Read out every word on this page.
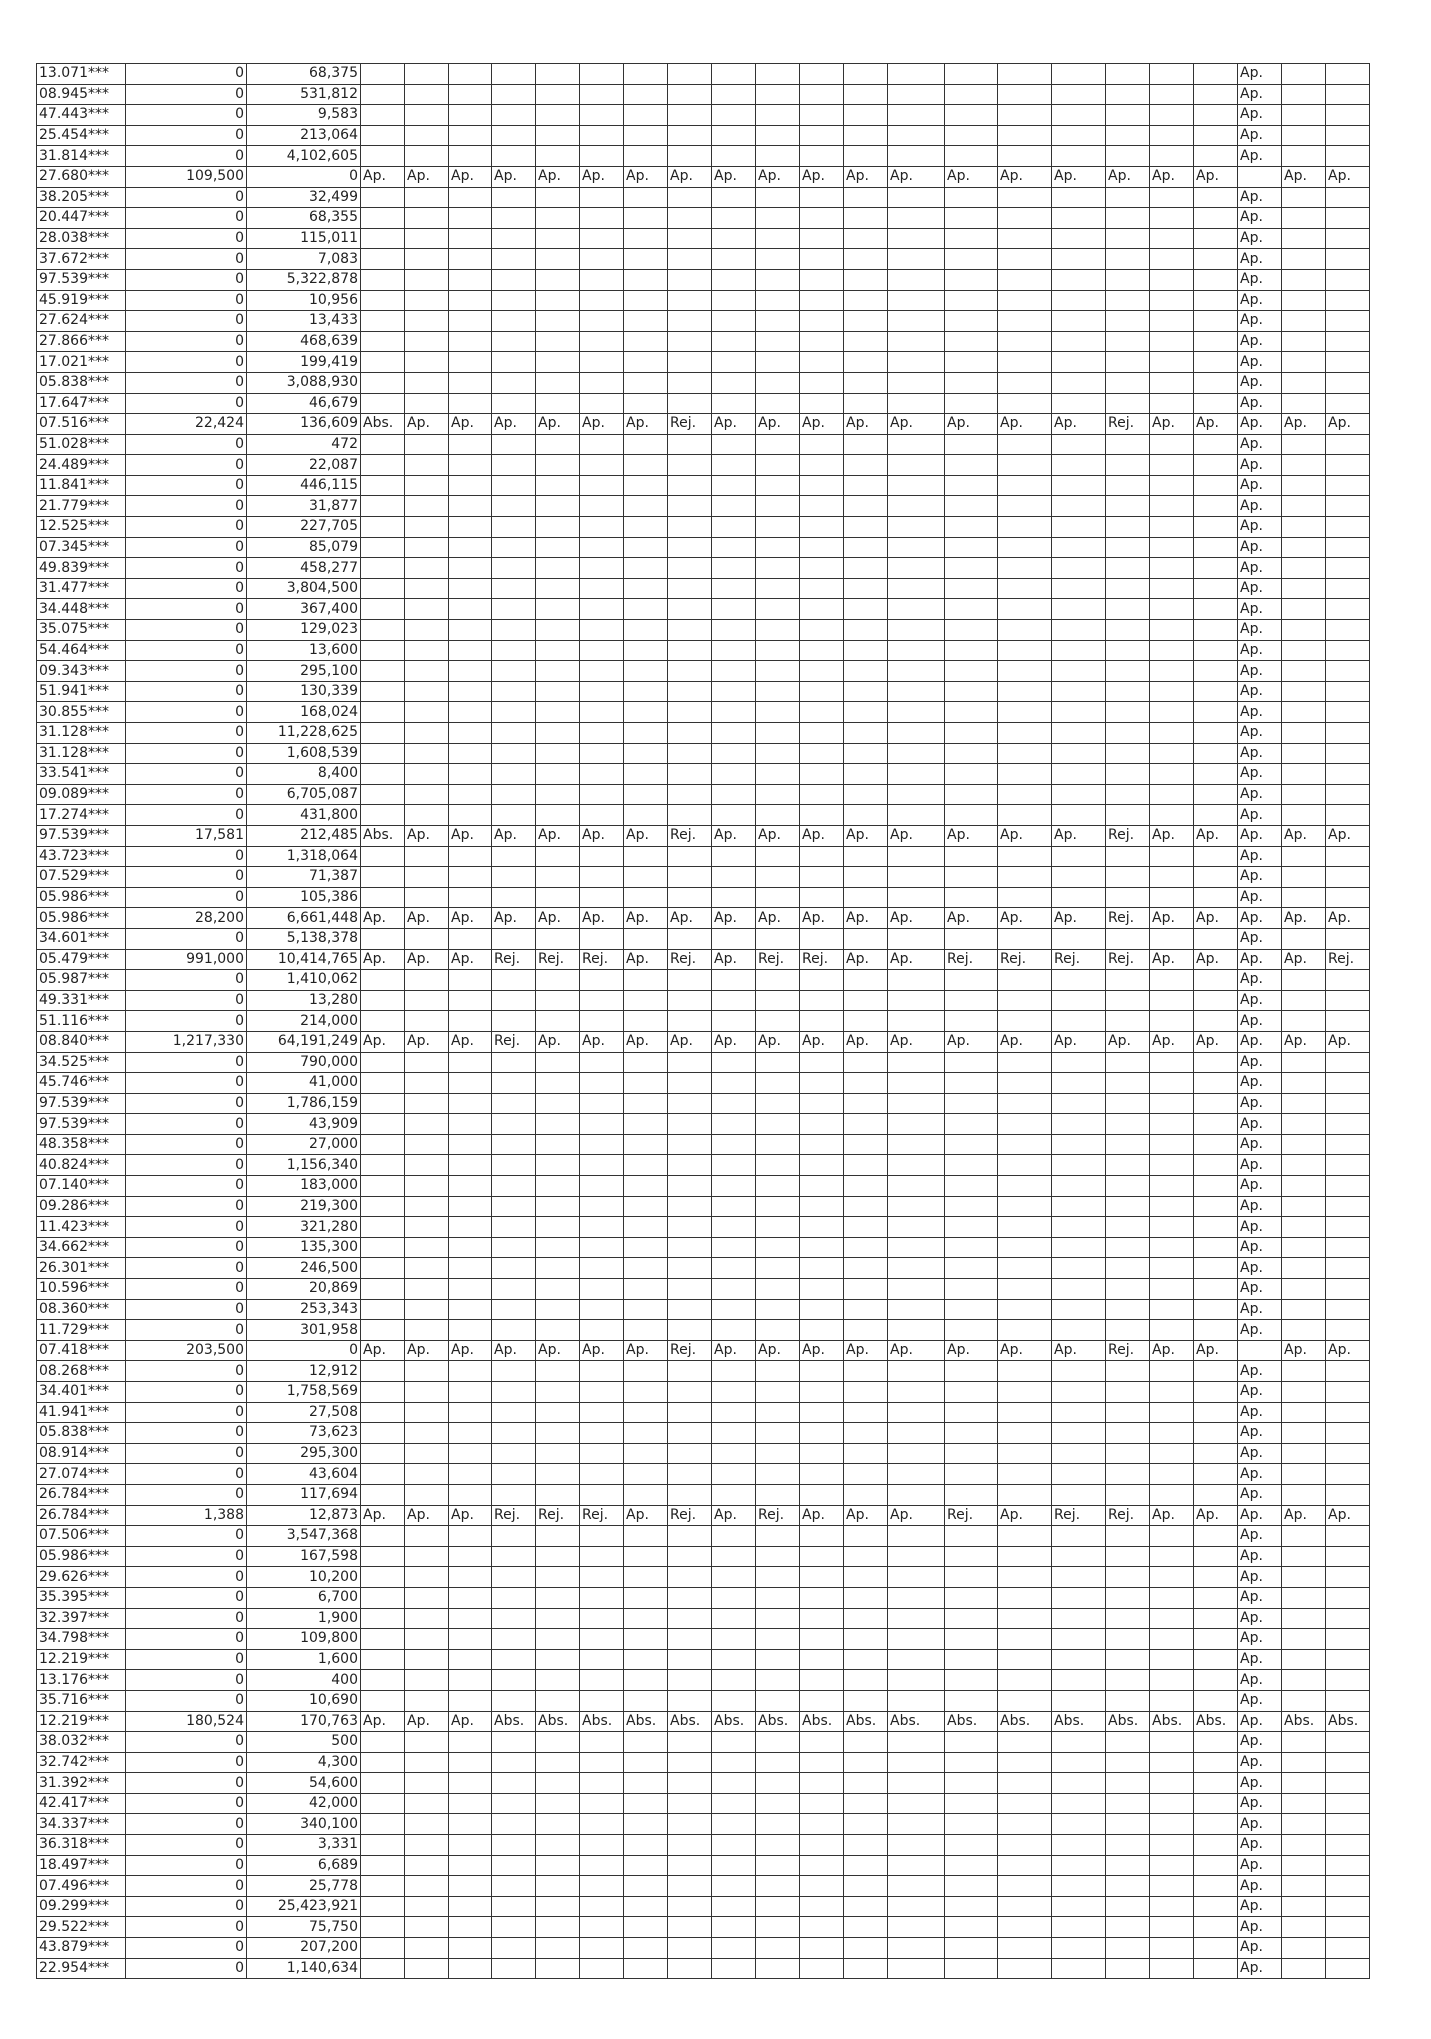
13.071***	0	68,375																				Ap.		
08.945***	0	531,812																				Ap.		
47.443***	0	9,583																				Ap.		
25.454***	0	213,064																				Ap.		
31.814***	0	4,102,605																				Ap.		
27.680***	109,500	0	Ap.	Ap.	Ap.	Ap.	Ap.	Ap.	Ap.	Ap.	Ap.	Ap.	Ap.	Ap.	Ap.	Ap.	Ap.	Ap.	Ap.	Ap.	Ap.		Ap.	Ap.
38.205***	0	32,499																				Ap.		
20.447***	0	68,355																				Ap.		
28.038***	0	115,011																				Ap.		
37.672***	0	7,083																				Ap.		
97.539***	0	5,322,878																				Ap.		
45.919***	0	10,956																				Ap.		
27.624***	0	13,433																				Ap.		
27.866***	0	468,639																				Ap.		
17.021***	0	199,419																				Ap.		
05.838***	0	3,088,930																				Ap.		
17.647***	0	46,679																				Ap.		
07.516***	22,424	136,609	Abs.	Ap.	Ap.	Ap.	Ap.	Ap.	Ap.	Rej.	Ap.	Ap.	Ap.	Ap.	Ap.	Ap.	Ap.	Ap.	Rej.	Ap.	Ap.	Ap.	Ap.	Ap.
51.028***	0	472																				Ap.		
24.489***	0	22,087																				Ap.		
11.841***	0	446,115																				Ap.		
21.779***	0	31,877																				Ap.		
12.525***	0	227,705																				Ap.		
07.345***	0	85,079																				Ap.		
49.839***	0	458,277																				Ap.		
31.477***	0	3,804,500																				Ap.		
34.448***	0	367,400																				Ap.		
35.075***	0	129,023																				Ap.		
54.464***	0	13,600																				Ap.		
09.343***	0	295,100																				Ap.		
51.941***	0	130,339																				Ap.		
30.855***	0	168,024																				Ap.		
31.128***	0	11,228,625																				Ap.		
31.128***	0	1,608,539																				Ap.		
33.541***	0	8,400																				Ap.		
09.089***	0	6,705,087																				Ap.		
17.274***	0	431,800																				Ap.		
97.539***	17,581	212,485	Abs.	Ap.	Ap.	Ap.	Ap.	Ap.	Ap.	Rej.	Ap.	Ap.	Ap.	Ap.	Ap.	Ap.	Ap.	Ap.	Rej.	Ap.	Ap.	Ap.	Ap.	Ap.
43.723***	0	1,318,064																				Ap.		
07.529***	0	71,387																				Ap.		
05.986***	0	105,386																				Ap.		
05.986***	28,200	6,661,448	Ap.	Ap.	Ap.	Ap.	Ap.	Ap.	Ap.	Ap.	Ap.	Ap.	Ap.	Ap.	Ap.	Ap.	Ap.	Ap.	Rej.	Ap.	Ap.	Ap.	Ap.	Ap.
34.601***	0	5,138,378																				Ap.		
05.479***	991,000	10,414,765	Ap.	Ap.	Ap.	Rej.	Rej.	Rej.	Ap.	Rej.	Ap.	Rej.	Rej.	Ap.	Ap.	Rej.	Rej.	Rej.	Rej.	Ap.	Ap.	Ap.	Ap.	Rej.
05.987***	0	1,410,062																				Ap.		
49.331***	0	13,280																				Ap.		
51.116***	0	214,000																				Ap.		
08.840***	1,217,330	64,191,249	Ap.	Ap.	Ap.	Rej.	Ap.	Ap.	Ap.	Ap.	Ap.	Ap.	Ap.	Ap.	Ap.	Ap.	Ap.	Ap.	Ap.	Ap.	Ap.	Ap.	Ap.	Ap.
34.525***	0	790,000																				Ap.		
45.746***	0	41,000																				Ap.		
97.539***	0	1,786,159																				Ap.		
97.539***	0	43,909																				Ap.		
48.358***	0	27,000																				Ap.		
40.824***	0	1,156,340																				Ap.		
07.140***	0	183,000																				Ap.		
09.286***	0	219,300																				Ap.		
11.423***	0	321,280																				Ap.		
34.662***	0	135,300																				Ap.		
26.301***	0	246,500																				Ap.		
10.596***	0	20,869																				Ap.		
08.360***	0	253,343																				Ap.		
11.729***	0	301,958																				Ap.		
07.418***	203,500	0	Ap.	Ap.	Ap.	Ap.	Ap.	Ap.	Ap.	Rej.	Ap.	Ap.	Ap.	Ap.	Ap.	Ap.	Ap.	Ap.	Rej.	Ap.	Ap.		Ap.	Ap.
08.268***	0	12,912																				Ap.		
34.401***	0	1,758,569																				Ap.		
41.941***	0	27,508																				Ap.		
05.838***	0	73,623																				Ap.		
08.914***	0	295,300																				Ap.		
27.074***	0	43,604																				Ap.		
26.784***	0	117,694																				Ap.		
26.784***	1,388	12,873	Ap.	Ap.	Ap.	Rej.	Rej.	Rej.	Ap.	Rej.	Ap.	Rej.	Ap.	Ap.	Ap.	Rej.	Ap.	Rej.	Rej.	Ap.	Ap.	Ap.	Ap.	Ap.
07.506***	0	3,547,368																				Ap.		
05.986***	0	167,598																				Ap.		
29.626***	0	10,200																				Ap.		
35.395***	0	6,700																				Ap.		
32.397***	0	1,900																				Ap.		
34.798***	0	109,800																				Ap.		
12.219***	0	1,600																				Ap.		
13.176***	0	400																				Ap.		
35.716***	0	10,690																				Ap.		
12.219***	180,524	170,763	Ap.	Ap.	Ap.	Abs.	Abs.	Abs.	Abs.	Abs.	Abs.	Abs.	Abs.	Abs.	Abs.	Abs.	Abs.	Abs.	Abs.	Abs.	Abs.	Ap.	Abs.	Abs.
38.032***	0	500																				Ap.		
32.742***	0	4,300																				Ap.		
31.392***	0	54,600																				Ap.		
42.417***	0	42,000																				Ap.		
34.337***	0	340,100																				Ap.		
36.318***	0	3,331																				Ap.		
18.497***	0	6,689																				Ap.		
07.496***	0	25,778																				Ap.		
09.299***	0	25,423,921																				Ap.		
29.522***	0	75,750																				Ap.		
43.879***	0	207,200																				Ap.		
22.954***	0	1,140,634																				Ap.		
